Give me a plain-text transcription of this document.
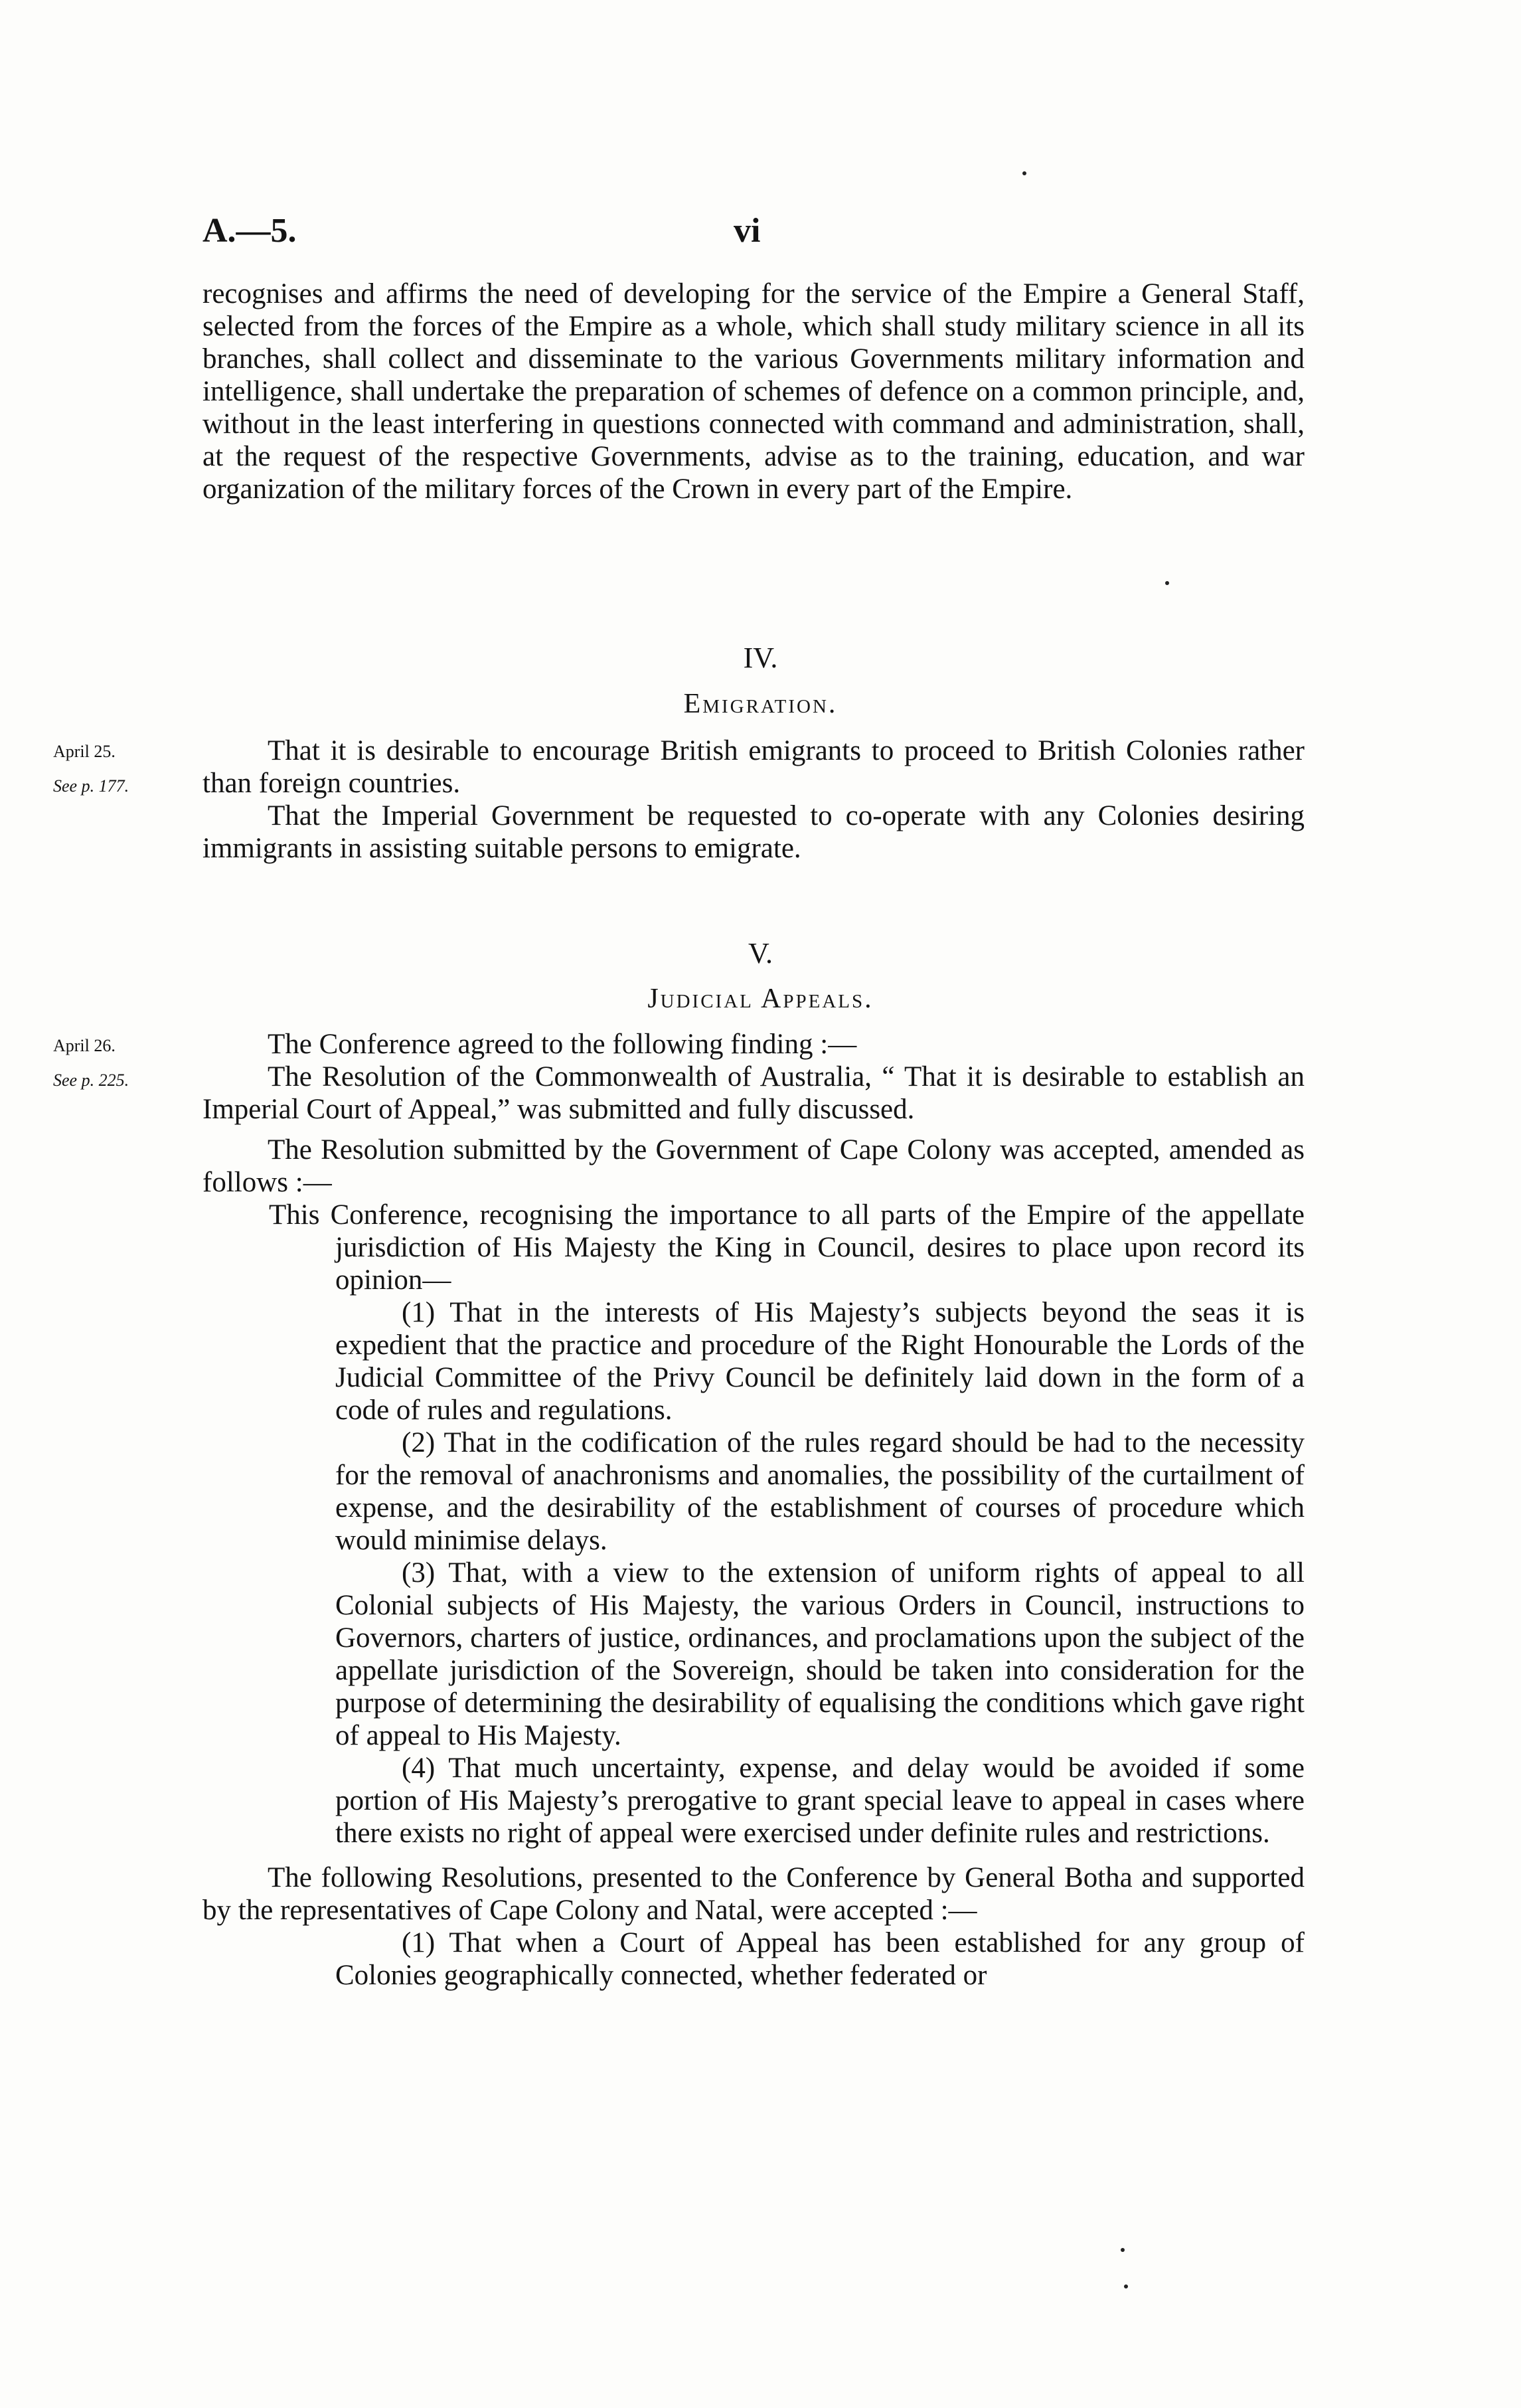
A.—5.	vi

recognises and affirms the need of developing for the service of the Empire a General Staff, selected from the forces of the Empire as a whole, which shall study military science in all its branches, shall collect and disseminate to the various Governments military information and intelligence, shall undertake the preparation of schemes of defence on a common principle, and, without in the least interfering in questions connected with command and administration, shall, at the request of the respective Governments, advise as to the training, education, and war organization of the military forces of the Crown in every part of the Empire.

IV.
Emigration.
April 25.
See p. 177.

That it is desirable to encourage British emigrants to proceed to British Colonies rather than foreign countries.

That the Imperial Government be requested to co-operate with any Colonies desiring immigrants in assisting suitable persons to emigrate.

V.
Judicial Appeals.
April 26.
See p. 225.

The Conference agreed to the following finding :—

The Resolution of the Commonwealth of Australia, “ That it is desirable to establish an Imperial Court of Appeal,” was submitted and fully discussed.

The Resolution submitted by the Government of Cape Colony was accepted, amended as follows :—

This Conference, recognising the importance to all parts of the Empire of the appellate jurisdiction of His Majesty the King in Council, desires to place upon record its opinion—

(1) That in the interests of His Majesty’s subjects beyond the seas it is expedient that the practice and procedure of the Right Honourable the Lords of the Judicial Committee of the Privy Council be definitely laid down in the form of a code of rules and regulations.

(2) That in the codification of the rules regard should be had to the necessity for the removal of anachronisms and anomalies, the possibility of the curtailment of expense, and the desirability of the establishment of courses of procedure which would minimise delays.

(3) That, with a view to the extension of uniform rights of appeal to all Colonial subjects of His Majesty, the various Orders in Council, instructions to Governors, charters of justice, ordinances, and proclamations upon the subject of the appellate jurisdiction of the Sovereign, should be taken into consideration for the purpose of determining the desirability of equalising the conditions which gave right of appeal to His Majesty.

(4) That much uncertainty, expense, and delay would be avoided if some portion of His Majesty’s prerogative to grant special leave to appeal in cases where there exists no right of appeal were exercised under definite rules and restrictions.

The following Resolutions, presented to the Conference by General Botha and supported by the representatives of Cape Colony and Natal, were accepted :—

(1) That when a Court of Appeal has been established for any group of Colonies geographically connected, whether federated or
